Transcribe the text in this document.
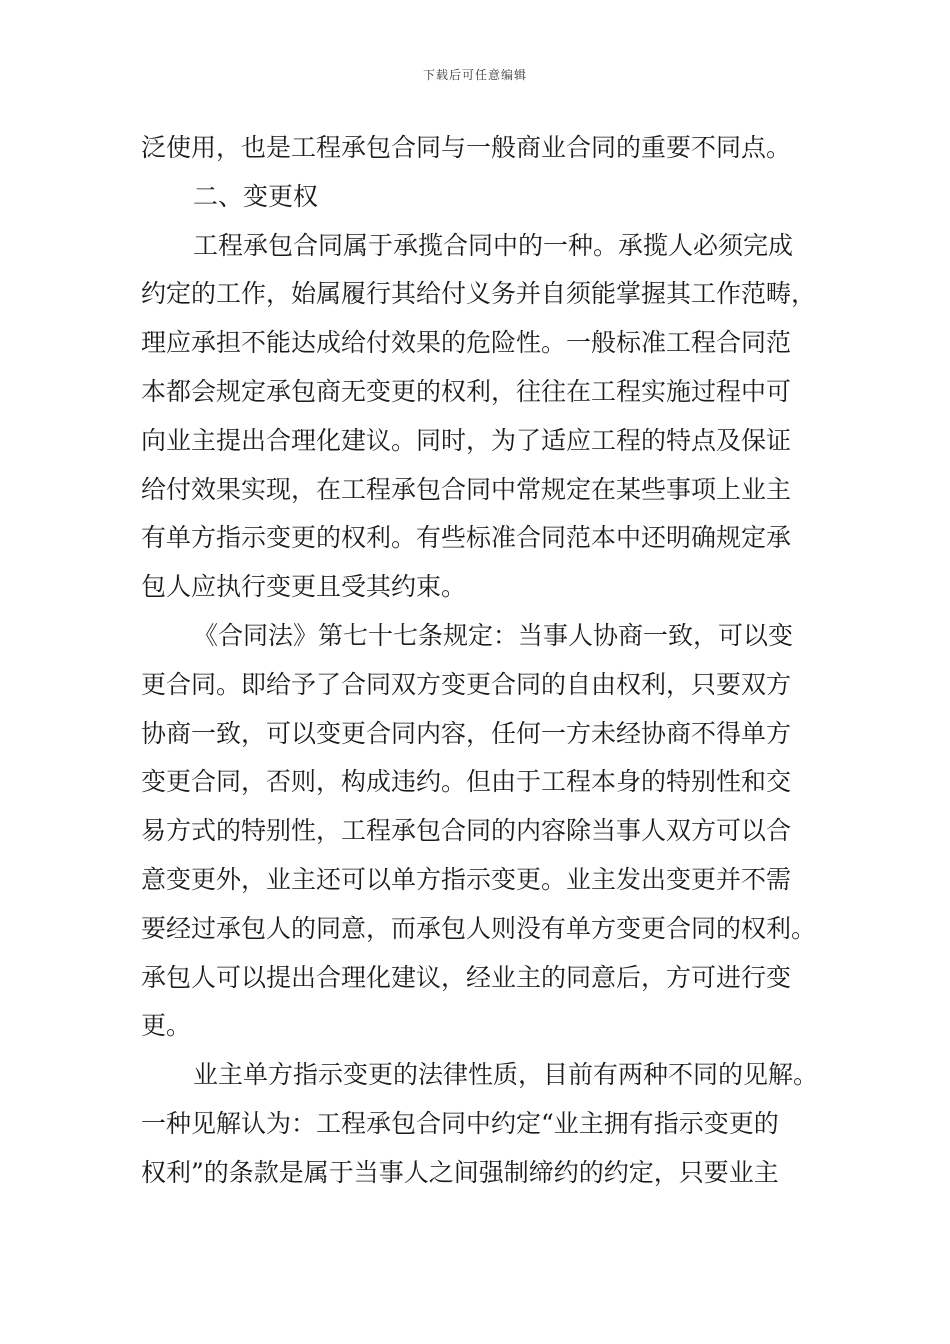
下载后可任意编辑
泛使用，也是工程承包合同与一般商业合同的重要不同点。
二、变更权
工程承包合同属于承揽合同中的一种。承揽人必须完成
约定的工作，始属履行其给付义务并自须能掌握其工作范畴，
理应承担不能达成给付效果的危险性。一般标准工程合同范
本都会规定承包商无变更的权利，往往在工程实施过程中可
向业主提出合理化建议。同时，为了适应工程的特点及保证
给付效果实现，在工程承包合同中常规定在某些事项上业主
有单方指示变更的权利。有些标准合同范本中还明确规定承
包人应执行变更且受其约束。
《合同法》第七十七条规定：当事人协商一致，可以变
更合同。即给予了合同双方变更合同的自由权利，只要双方
协商一致，可以变更合同内容，任何一方未经协商不得单方
变更合同，否则，构成违约。但由于工程本身的特别性和交
易方式的特别性，工程承包合同的内容除当事人双方可以合
意变更外，业主还可以单方指示变更。业主发出变更并不需
要经过承包人的同意，而承包人则没有单方变更合同的权利。
承包人可以提出合理化建议，经业主的同意后，方可进行变
更。
业主单方指示变更的法律性质，目前有两种不同的见解。
一种见解认为：工程承包合同中约定“业主拥有指示变更的
权利”的条款是属于当事人之间强制缔约的约定，只要业主
